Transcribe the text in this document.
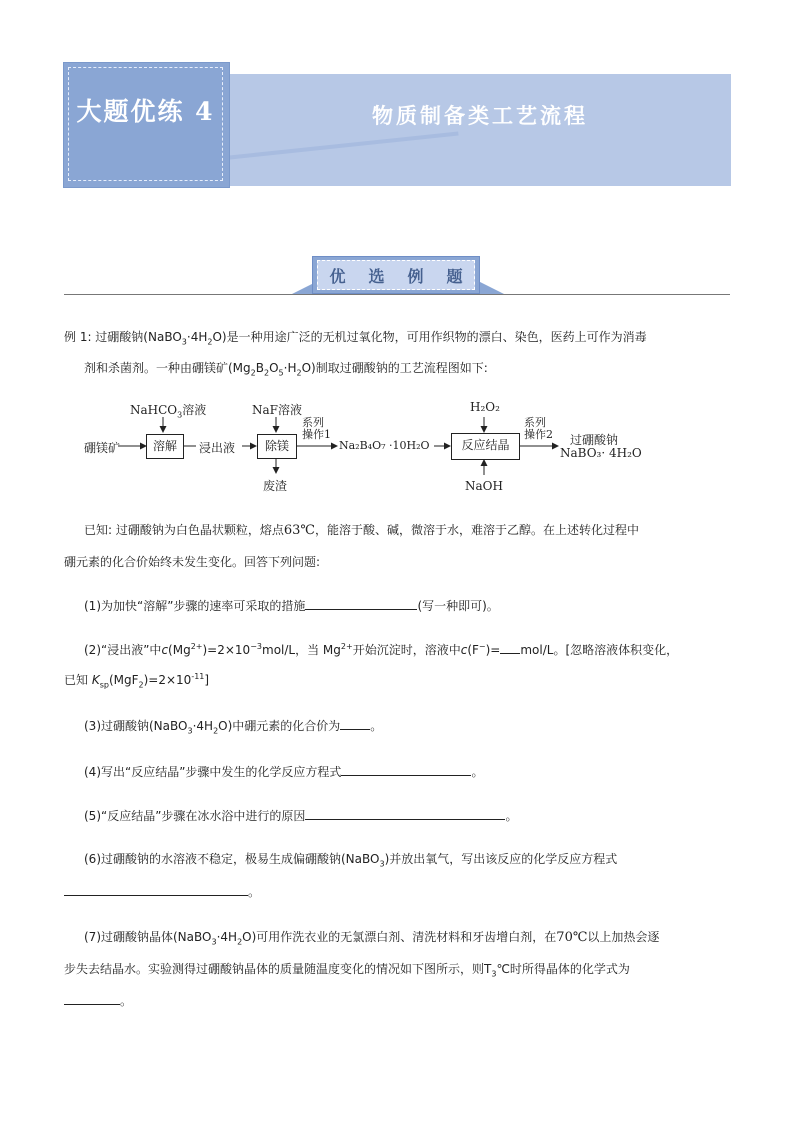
大题优练 4	物质制备类工艺流程
优 选 例 题
例 1: 过硼酸钠$(NaBO_3\cdot 4H_2O)$是一种用途广泛的无机过氧化物，可用作织物的漂白、染色，医药上可作为消毒
剂和杀菌剂。一种由硼镁矿$(Mg_2B_2O_5\cdot H_2O)$制取过硼酸钠的工艺流程图如下:
硼镁矿
NaHCO$_3$溶液
溶解	浸出液
NaF溶液
除镁
废渣
系列
操作1
Na₂B₄O₇ ·10H₂O
H₂O₂
反应结晶
NaOH
系列
操作2 过硼酸钠
NaBO₃· 4H₂O
已知: 过硼酸钠为白色晶状颗粒，熔点63℃，能溶于酸、碱，微溶于水，难溶于乙醇。在上述转化过程中
硼元素的化合价始终未发生变化。回答下列问题:
(1)为加快“溶解”步骤的速率可采取的措施	(写一种即可)。
(2)“浸出液”中$c(Mg^{2+})=2\times 10^{-3}mol/L$，当 $Mg^{2+}$开始沉淀时，溶液中c(F−)= mol/L。[忽略溶液体积变化，
已知 $K_{sp}(MgF_2)=2\times 10^{-11}$]
(3)过硼酸钠$(NaBO_3\cdot 4H_2O)$中硼元素的化合价为	。
(4)写出“反应结晶”步骤中发生的化学反应方程式	。
(5)“反应结晶”步骤在冰水浴中进行的原因	。
(6)过硼酸钠的水溶液不稳定，极易生成偏硼酸钠(NaBO$_3$)并放出氧气，写出该反应的化学反应方程式
。
(7)过硼酸钠晶体$(NaBO_3\cdot 4H_2O)$可用作洗衣业的无氯漂白剂、清洗材料和牙齿增白剂，在70℃以上加热会逐
步失去结晶水。实验测得过硼酸钠晶体的质量随温度变化的情况如下图所示，则$T_3℃$时所得晶体的化学式为
。
